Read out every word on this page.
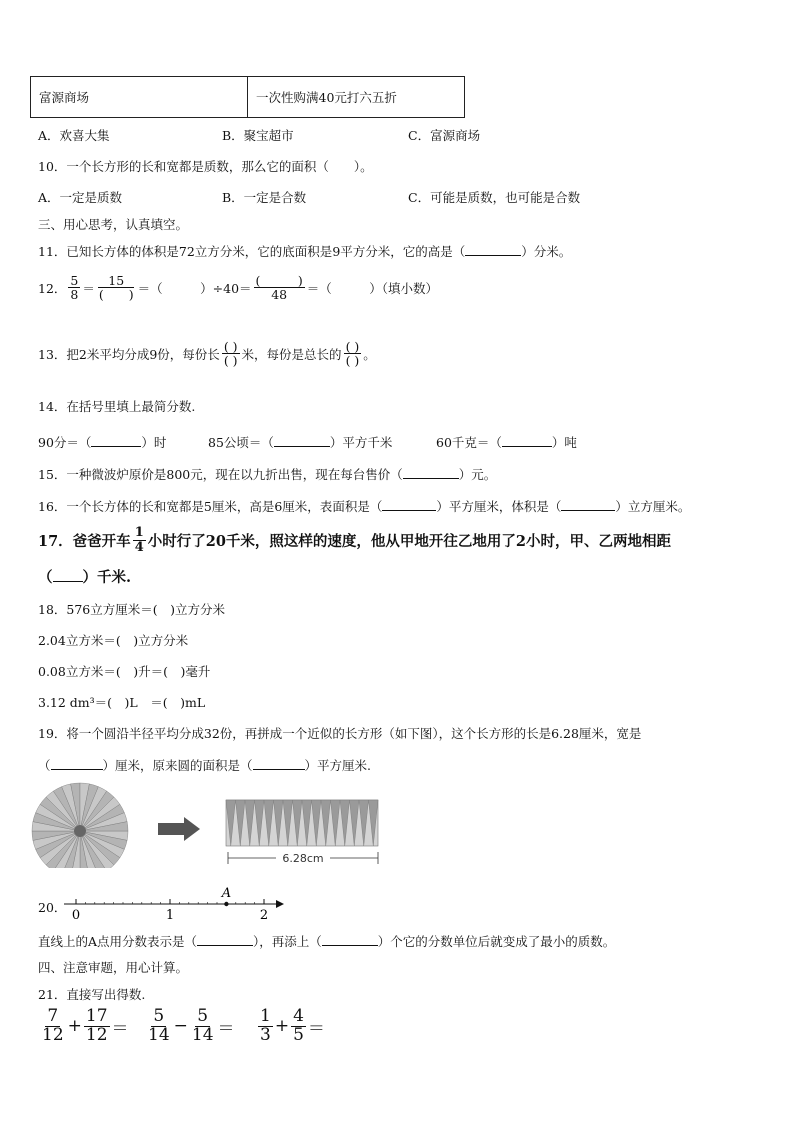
富源商场	一次性购满40元打六五折
A．欢喜大集	B．聚宝超市	C．富源商场
10．一个长方形的长和宽都是质数，那么它的面积（　　）。
A．一定是质数	B．一定是合数	C．可能是质数，也可能是合数
三、用心思考，认真填空。
11．已知长方体的体积是72立方分米，它的底面积是9平方分米，它的高是（	）分米。
12． $\frac{5}{8} = \frac{15}{( )}$ ＝（　　　）$\div 40= \frac{( )}{48}$ ＝（　　　）（填小数）
13．把2米平均分成9份，每份长 $\frac{( )}{( )}$ 米，每份是总长的 $\frac{( )}{( )}$ 。
14．在括号里填上最简分数.
90分＝（	）时	85公顷＝（	）平方千米	60千克＝（	）吨
15．一种微波炉原价是800元，现在以九折出售，现在每台售价（	）元。
16．一个长方体的长和宽都是5厘米，高是6厘米，表面积是（	）平方厘米，体积是（	）立方厘米。
17．爸爸开车 $\frac{1}{4}$ 小时行了20千米，照这样的速度，他从甲地开往乙地用了2小时，甲、乙两地相距
（ ）千米.
18．576立方厘米＝(　)立方分米
2.04立方米＝(　)立方分米
0.08立方米＝(　)升＝(　)毫升
3.12 dm³＝(　)L　＝(　)mL
19．将一个圆沿半径平均分成32份，再拼成一个近似的长方形（如下图），这个长方形的长是6.28厘米，宽是
（	）厘米，原来圆的面积是（	）平方厘米.
6.28cm
20．
0	1	2
A
直线上的A点用分数表示是（	），再添上（	）个它的分数单位后就变成了最小的质数。
四、注意审题，用心计算。
21．直接写出得数.
$\frac{7}{12} + \frac{17}{12} = \frac{5}{14} - \frac{5}{14} = \frac{1}{3} + \frac{4}{5}$ ＝
